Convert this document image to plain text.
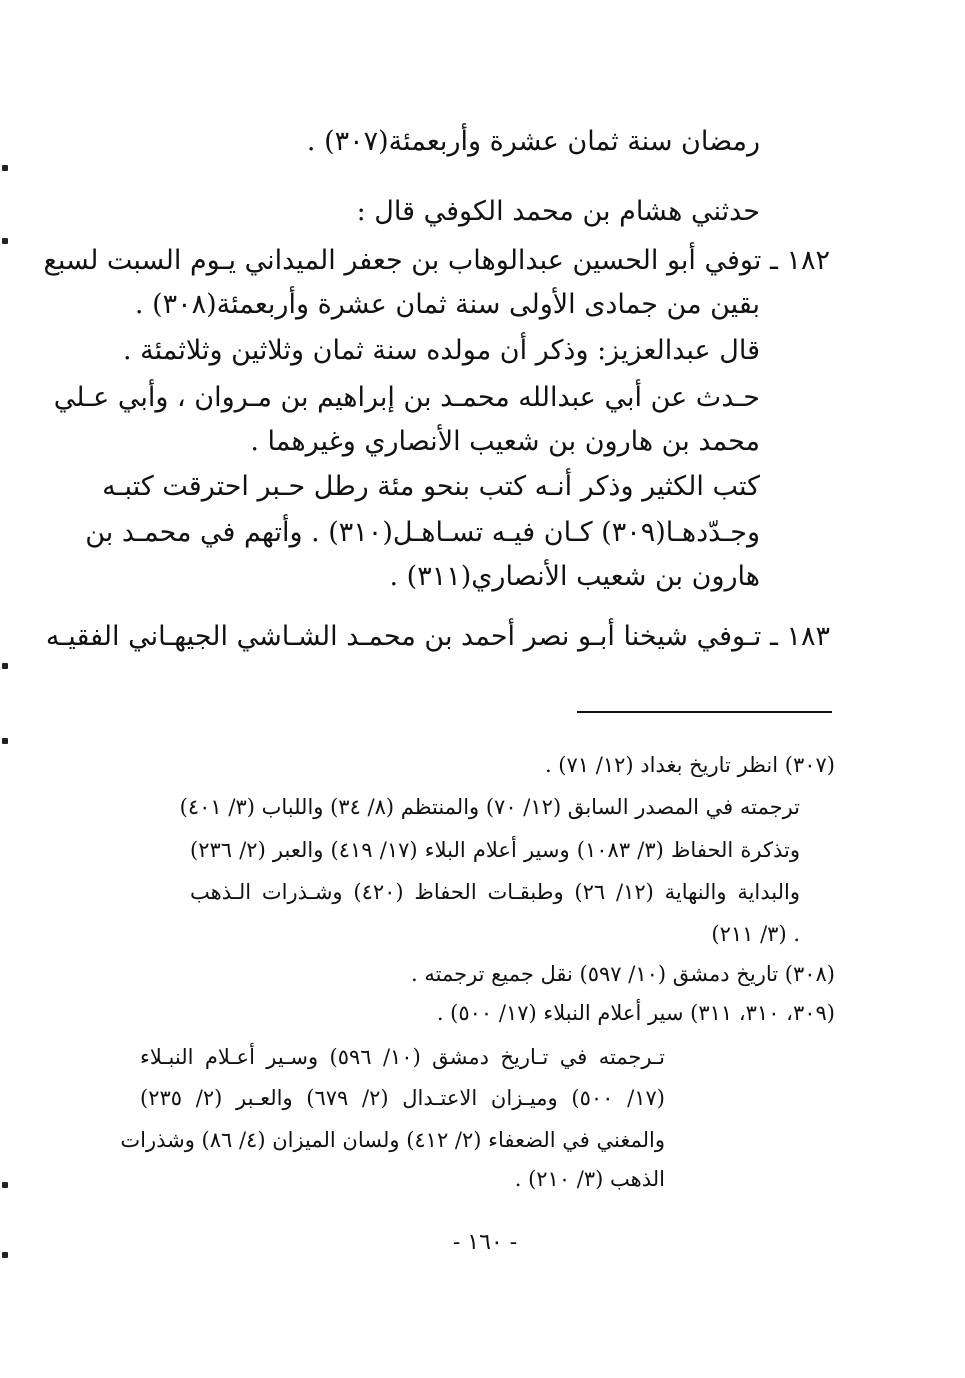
رمضان سنة ثمان عشرة وأربعمئة(٣٠٧) .
حدثني هشام بن محمد الكوفي قال :
١٨٢ ـ توفي أبو الحسين عبدالوهاب بن جعفر الميداني يـوم السبت لسبع
بقين من جمادى الأولى سنة ثمان عشرة وأربعمئة(٣٠٨) .
قال عبدالعزيز: وذكر أن مولده سنة ثمان وثلاثين وثلاثمئة .
حـدث عن أبي عبدالله محمـد بن إبراهيم بن مـروان ، وأبي عـلي
محمد بن هارون بن شعيب الأنصاري وغيرهما .
كتب الكثير وذكر أنـه كتب بنحو مئة رطل حـبر احترقت كتبـه
وجـدّدهـا(٣٠٩) كـان فيـه تسـاهـل(٣١٠) . وأتهم في محمـد بن
هارون بن شعيب الأنصاري(٣١١) .
١٨٣ ـ تـوفي شيخنا أبـو نصر أحمد بن محمـد الشـاشي الجيهـاني الفقيـه
(٣٠٧) انظر تاريخ بغداد (١٢/ ٧١) .
ترجمته في المصدر السابق (١٢/ ٧٠) والمنتظم (٨/ ٣٤) واللباب (٣/ ٤٠١)
وتذكرة الحفاظ (٣/ ١٠٨٣) وسير أعلام البلاء (١٧/ ٤١٩) والعبر (٢/ ٢٣٦)
والبداية والنهاية (١٢/ ٢٦) وطبقـات الحفاظ (٤٢٠) وشـذرات الـذهب
(٣/ ٢١١) .
(٣٠٨) تاريخ دمشق (١٠/ ٥٩٧) نقل جميع ترجمته .
(٣٠٩، ٣١٠، ٣١١) سير أعلام النبلاء (١٧/ ٥٠٠) .
تـرجمته في تـاريخ دمشق (١٠/ ٥٩٦) وسـير أعـلام النبـلاء
(١٧/ ٥٠٠) وميـزان الاعتـدال (٢/ ٦٧٩) والعـبر (٢/ ٢٣٥)
والمغني في الضعفاء (٢/ ٤١٢) ولسان الميزان (٤/ ٨٦) وشذرات
الذهب (٣/ ٢١٠) .
- ١٦٠ -
